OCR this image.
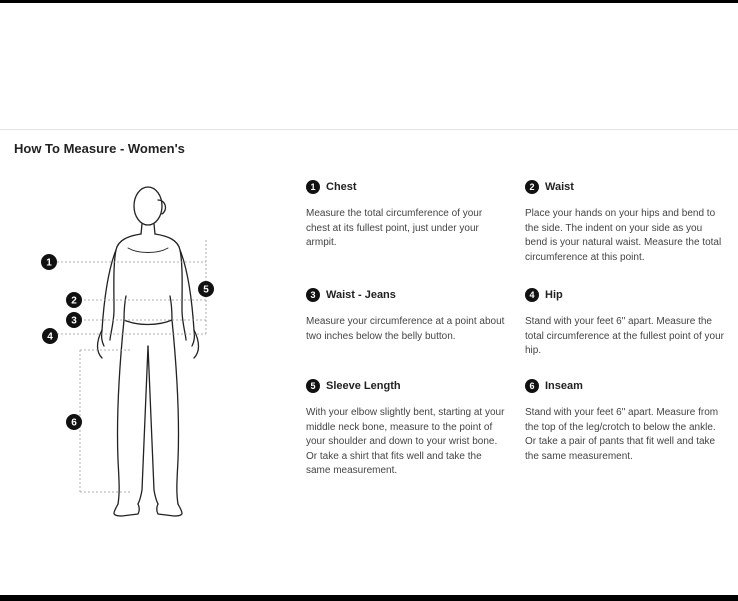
How To Measure - Women's
1
2
3
4
5
6
1 Chest
Measure the total circumference of your chest at its fullest point, just under your armpit.
2 Waist
Place your hands on your hips and bend to the side. The indent on your side as you bend is your natural waist. Measure the total circumference at this point.
3 Waist - Jeans
Measure your circumference at a point about two inches below the belly button.
4 Hip
Stand with your feet 6" apart. Measure the total circumference at the fullest point of your hip.
5 Sleeve Length
With your elbow slightly bent, starting at your middle neck bone, measure to the point of your shoulder and down to your wrist bone. Or take a shirt that fits well and take the same measurement.
6 Inseam
Stand with your feet 6" apart. Measure from the top of the leg/crotch to below the ankle. Or take a pair of pants that fit well and take the same measurement.
